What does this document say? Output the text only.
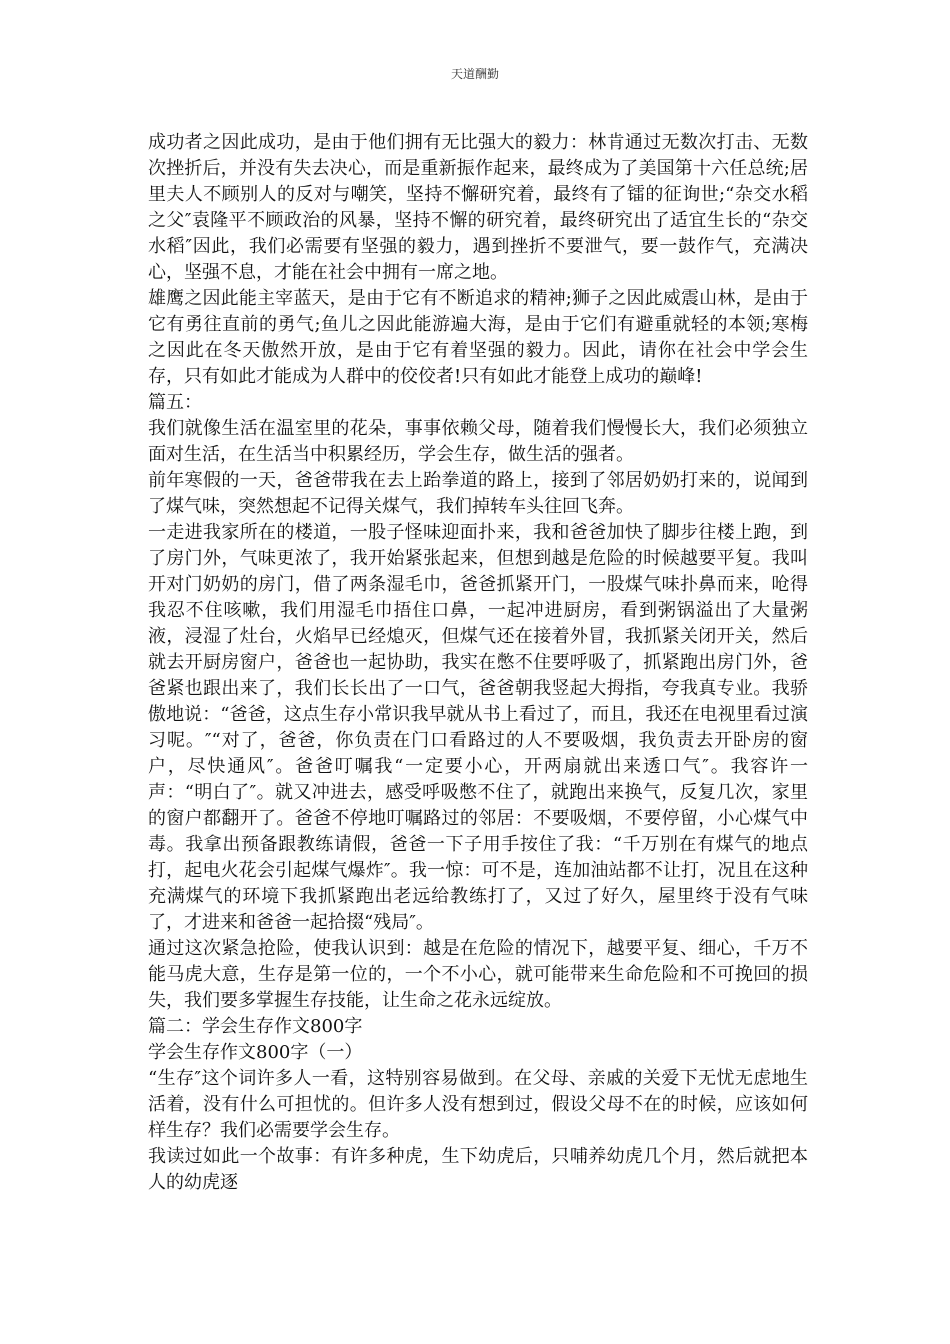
天道酬勤

成功者之因此成功，是由于他们拥有无比强大的毅力：林肯通过无数次打击、无数次挫折后，并没有失去决心，而是重新振作起来，最终成为了美国第十六任总统;居里夫人不顾别人的反对与嘲笑，坚持不懈研究着，最终有了镭的征询世;“杂交水稻之父″袁隆平不顾政治的风暴，坚持不懈的研究着，最终研究出了适宜生长的“杂交水稻″因此，我们必需要有坚强的毅力，遇到挫折不要泄气，要一鼓作气，充满决心，坚强不息，才能在社会中拥有一席之地。

雄鹰之因此能主宰蓝天，是由于它有不断追求的精神;狮子之因此威震山林，是由于它有勇往直前的勇气;鱼儿之因此能游遍大海，是由于它们有避重就轻的本领;寒梅之因此在冬天傲然开放，是由于它有着坚强的毅力。因此，请你在社会中学会生存，只有如此才能成为人群中的佼佼者!只有如此才能登上成功的巅峰!

篇五：

我们就像生活在温室里的花朵，事事依赖父母，随着我们慢慢长大，我们必须独立面对生活，在生活当中积累经历，学会生存，做生活的强者。

前年寒假的一天，爸爸带我在去上跆拳道的路上，接到了邻居奶奶打来的，说闻到了煤气味，突然想起不记得关煤气，我们掉转车头往回飞奔。

一走进我家所在的楼道，一股子怪味迎面扑来，我和爸爸加快了脚步往楼上跑，到了房门外，气味更浓了，我开始紧张起来，但想到越是危险的时候越要平复。我叫开对门奶奶的房门，借了两条湿毛巾，爸爸抓紧开门，一股煤气味扑鼻而来，呛得我忍不住咳嗽，我们用湿毛巾捂住口鼻，一起冲进厨房，看到粥锅溢出了大量粥液，浸湿了灶台，火焰早已经熄灭，但煤气还在接着外冒，我抓紧关闭开关，然后就去开厨房窗户，爸爸也一起协助，我实在憋不住要呼吸了，抓紧跑出房门外，爸爸紧也跟出来了，我们长长出了一口气，爸爸朝我竖起大拇指，夸我真专业。我骄傲地说：“爸爸，这点生存小常识我早就从书上看过了，而且，我还在电视里看过演习呢。″“对了，爸爸，你负责在门口看路过的人不要吸烟，我负责去开卧房的窗户，尽快通风″。爸爸叮嘱我“一定要小心，开两扇就出来透口气″。我容许一声：“明白了″。就又冲进去，感受呼吸憋不住了，就跑出来换气，反复几次，家里的窗户都翻开了。爸爸不停地叮嘱路过的邻居：不要吸烟，不要停留，小心煤气中毒。我拿出预备跟教练请假，爸爸一下子用手按住了我：“千万别在有煤气的地点打，起电火花会引起煤气爆炸″。我一惊：可不是，连加油站都不让打，况且在这种充满煤气的环境下我抓紧跑出老远给教练打了，又过了好久，屋里终于没有气味了，才进来和爸爸一起拾掇“残局″。

通过这次紧急抢险，使我认识到：越是在危险的情况下，越要平复、细心，千万不能马虎大意，生存是第一位的，一个不小心，就可能带来生命危险和不可挽回的损失，我们要多掌握生存技能，让生命之花永远绽放。

篇二：学会生存作文800字

学会生存作文800字（一）

“生存″这个词许多人一看，这特别容易做到。在父母、亲戚的关爱下无忧无虑地生活着，没有什么可担忧的。但许多人没有想到过，假设父母不在的时候，应该如何样生存？我们必需要学会生存。

我读过如此一个故事：有许多种虎，生下幼虎后，只哺养幼虎几个月，然后就把本人的幼虎逐
